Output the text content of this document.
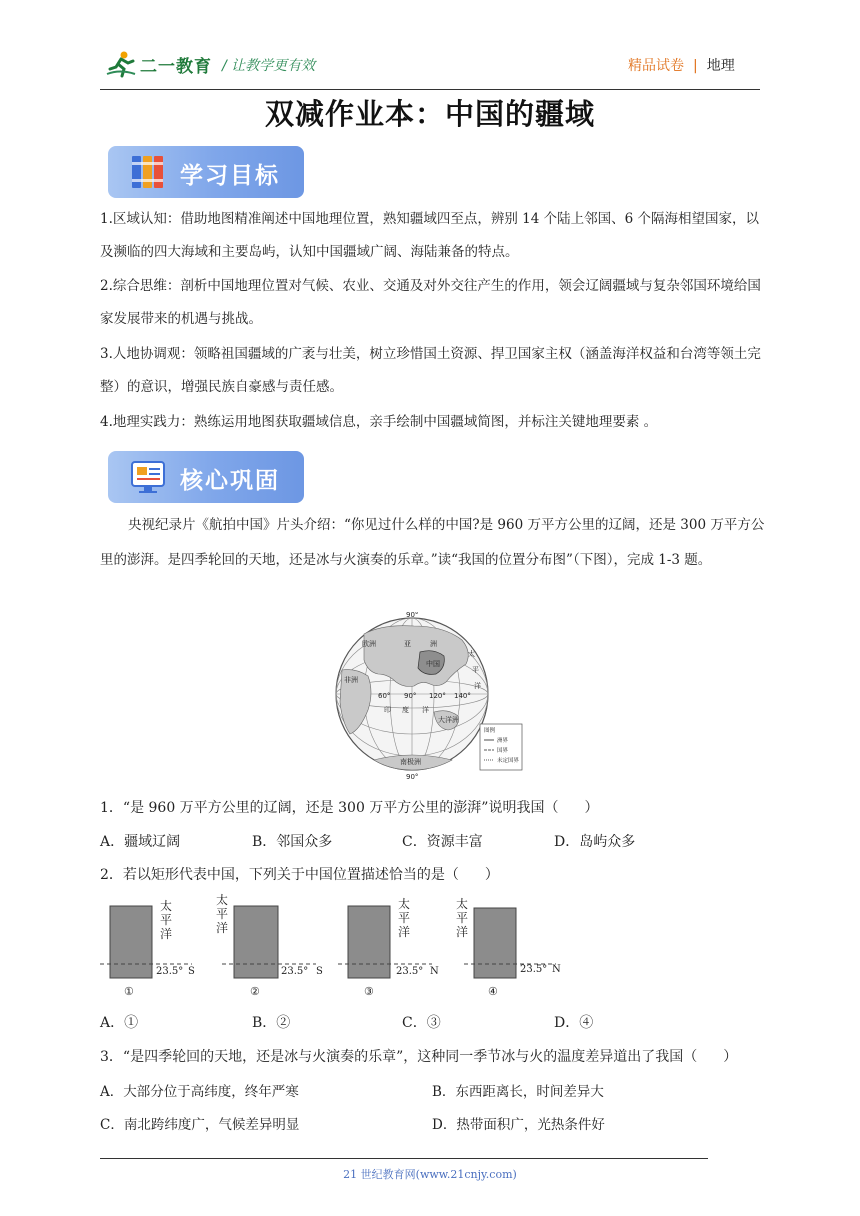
二一教育 / 让教学更有效	精品试卷 | 地理
双减作业本：中国的疆域
学习目标
1.区域认知：借助地图精准阐述中国地理位置，熟知疆域四至点，辨别 14 个陆上邻国、6 个隔海相望国家，以及濒临的四大海域和主要岛屿，认知中国疆域广阔、海陆兼备的特点。
2.综合思维：剖析中国地理位置对气候、农业、交通及对外交往产生的作用，领会辽阔疆域与复杂邻国环境给国家发展带来的机遇与挑战。
3.人地协调观：领略祖国疆域的广袤与壮美，树立珍惜国土资源、捍卫国家主权（涵盖海洋权益和台湾等领土完整）的意识，增强民族自豪感与责任感。
4.地理实践力：熟练运用地图获取疆域信息，亲手绘制中国疆域简图，并标注关键地理要素 。
核心巩固
央视纪录片《航拍中国》片头介绍：“你见过什么样的中国?是 960 万平方公里的辽阔，还是 300 万平方公里的澎湃。是四季轮回的天地，还是冰与火演奏的乐章。”读“我国的位置分布图”（下图），完成 1-3 题。
90°
90°
60° 90° 120° 140°
欧洲	亚	洲
非洲
中国
印 度 洋
太
平
洋
大洋洲
南极洲
图例
洲界
国界
未定国界
1．“是 960 万平方公里的辽阔，还是 300 万平方公里的澎湃”说明我国（ ）
A．疆域辽阔	B．邻国众多	C．资源丰富	D．岛屿众多
2．若以矩形代表中国，下列关于中国位置描述恰当的是（ ）
太
平
洋
23.5° S
①
太
平
洋
23.5° S
②
太
平
洋
23.5° N
③
太
平
洋
23.5° N
④
A．①	B．②	C．③	D．④
3．“是四季轮回的天地，还是冰与火演奏的乐章”，这种同一季节冰与火的温度差异道出了我国（ ）
A．大部分位于高纬度，终年严寒	B．东西距离长，时间差异大
C．南北跨纬度广，气候差异明显	D．热带面积广，光热条件好
21 世纪教育网(www.21cnjy.com)
